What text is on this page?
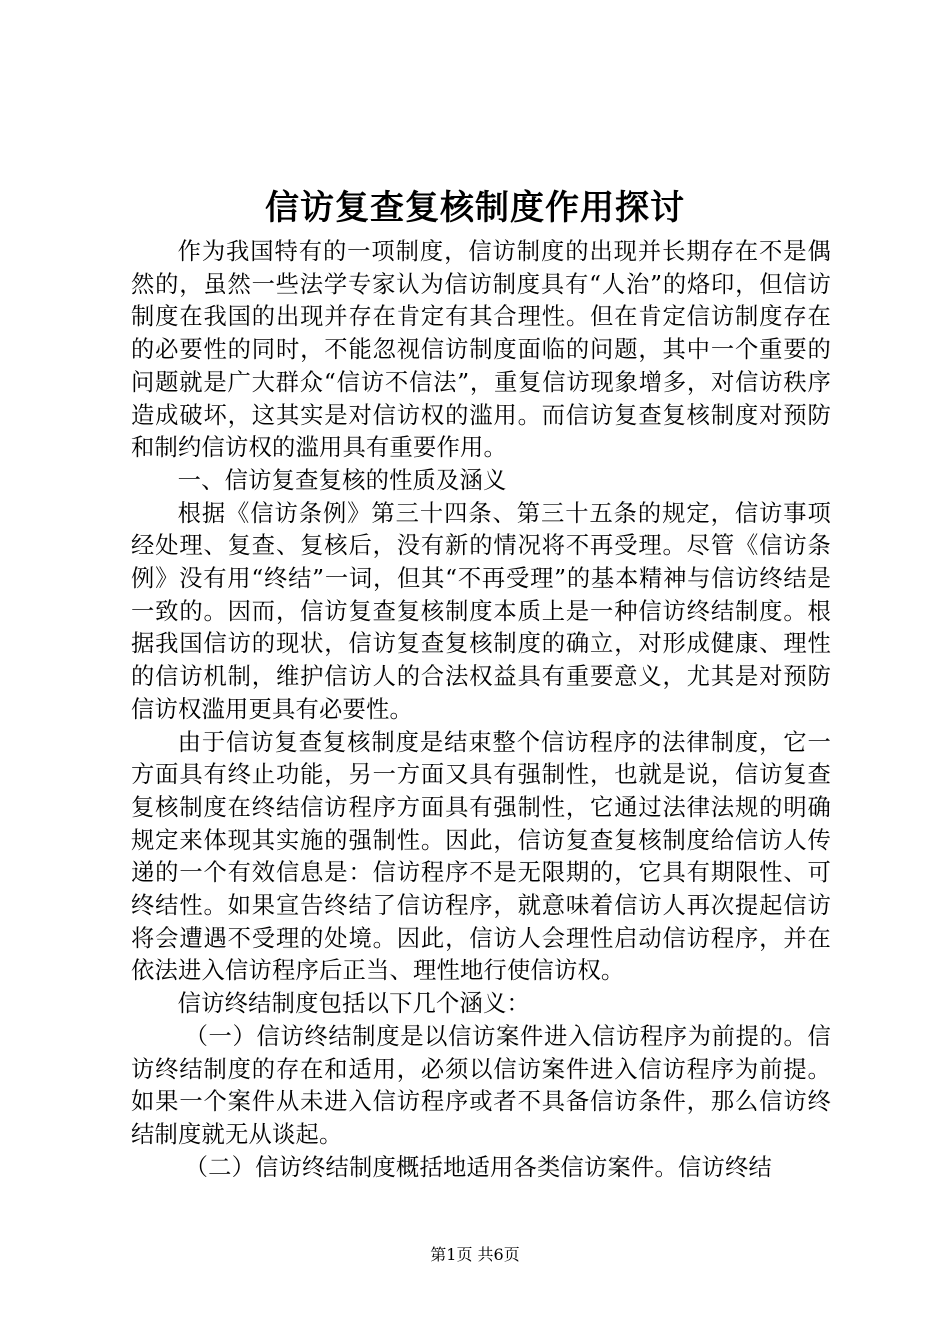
信访复查复核制度作用探讨

作为我国特有的一项制度，信访制度的出现并长期存在不是偶然的，虽然一些法学专家认为信访制度具有“人治”的烙印，但信访制度在我国的出现并存在肯定有其合理性。但在肯定信访制度存在的必要性的同时，不能忽视信访制度面临的问题，其中一个重要的问题就是广大群众“信访不信法”，重复信访现象增多，对信访秩序造成破坏，这其实是对信访权的滥用。而信访复查复核制度对预防和制约信访权的滥用具有重要作用。

一、信访复查复核的性质及涵义

根据《信访条例》第三十四条、第三十五条的规定，信访事项经处理、复查、复核后，没有新的情况将不再受理。尽管《信访条例》没有用“终结”一词，但其“不再受理”的基本精神与信访终结是一致的。因而，信访复查复核制度本质上是一种信访终结制度。根据我国信访的现状，信访复查复核制度的确立，对形成健康、理性的信访机制，维护信访人的合法权益具有重要意义，尤其是对预防信访权滥用更具有必要性。

由于信访复查复核制度是结束整个信访程序的法律制度，它一方面具有终止功能，另一方面又具有强制性，也就是说，信访复查复核制度在终结信访程序方面具有强制性，它通过法律法规的明确规定来体现其实施的强制性。因此，信访复查复核制度给信访人传递的一个有效信息是：信访程序不是无限期的，它具有期限性、可终结性。如果宣告终结了信访程序，就意味着信访人再次提起信访将会遭遇不受理的处境。因此，信访人会理性启动信访程序，并在依法进入信访程序后正当、理性地行使信访权。

信访终结制度包括以下几个涵义：

（一）信访终结制度是以信访案件进入信访程序为前提的。信访终结制度的存在和适用，必须以信访案件进入信访程序为前提。如果一个案件从未进入信访程序或者不具备信访条件，那么信访终结制度就无从谈起。

（二）信访终结制度概括地适用各类信访案件。信访终结

第1页 共6页
